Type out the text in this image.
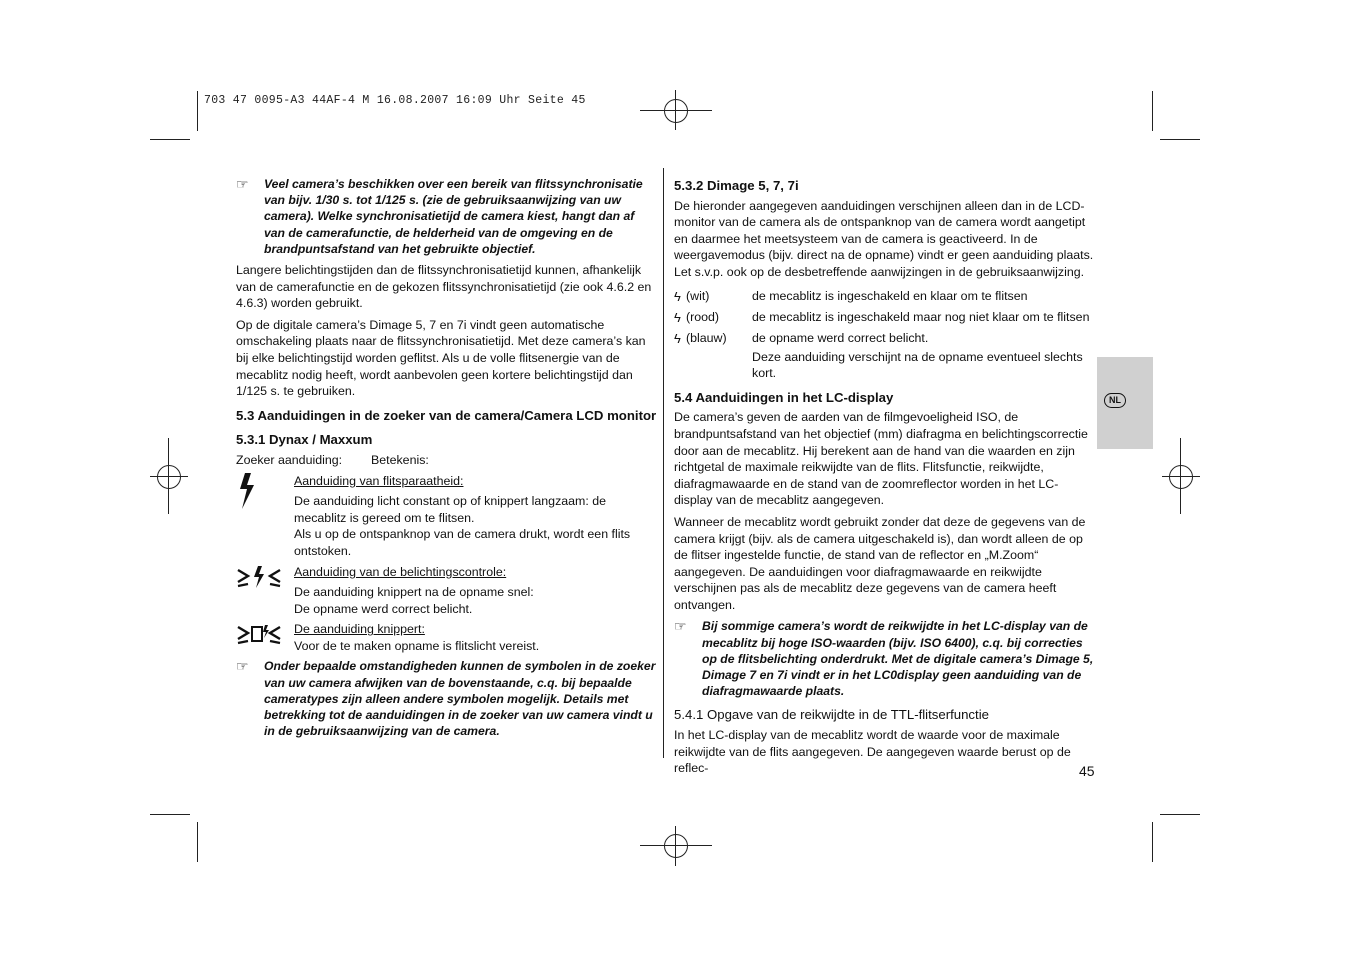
703 47 0095-A3 44AF-4 M 16.08.2007 16:09 Uhr Seite 45
NL
☞	Veel camera’s beschikken over een bereik van flitssynchronisatie van bijv. 1/30 s. tot 1/125 s. (zie de gebruiksaanwijzing van uw camera). Welke synchronisatietijd de camera kiest, hangt dan af van de camerafunctie, de helderheid van de omgeving en de brandpuntsafstand van het gebruikte objectief.

Langere belichtingstijden dan de flitssynchronisatietijd kunnen, afhankelijk van de camerafunctie en de gekozen flitssynchronisatietijd (zie ook 4.6.2 en 4.6.3) worden gebruikt.

Op de digitale camera’s Dimage 5, 7 en 7i vindt geen automatische omschakeling plaats naar de flitssynchronisatietijd. Met deze camera’s kan bij elke belichtingstijd worden geflitst. Als u de volle flitsenergie van de mecablitz nodig heeft, wordt aanbevolen geen kortere belichtingstijd dan 1/125 s. te gebruiken.

5.3 Aanduidingen in de zoeker van de camera/Camera LCD monitor
5.3.1 Dynax / Maxxum
Zoeker aanduiding:	Betekenis:
Aanduiding van flitsparaatheid:
De aanduiding licht constant op of knippert langzaam: de mecablitz is gereed om te flitsen.
Als u op de ontspanknop van de camera drukt, wordt een flits ontstoken.
Aanduiding van de belichtingscontrole:
De aanduiding knippert na de opname snel:
De opname werd correct belicht.
De aanduiding knippert:
Voor de te maken opname is flitslicht vereist.
☞	Onder bepaalde omstandigheden kunnen de symbolen in de zoeker van uw camera afwijken van de bovenstaande, c.q. bij bepaalde cameratypes zijn alleen andere symbolen mogelijk. Details met betrekking tot de aanduidingen in de zoeker van uw camera vindt u in de gebruiksaanwijzing van de camera.
5.3.2 Dimage 5, 7, 7i

De hieronder aangegeven aanduidingen verschijnen alleen dan in de LCD-monitor van de camera als de ontspanknop van de camera wordt aangetipt en daarmee het meetsysteem van de camera is geactiveerd. In de weergavemodus (bijv. direct na de opname) vindt er geen aanduiding plaats. Let s.v.p. ook op de desbetreffende aanwijzingen in de gebruiksaanwijzing.

ϟ (wit)	de mecablitz is ingeschakeld en klaar om te flitsen
ϟ (rood)	de mecablitz is ingeschakeld maar nog niet klaar om te flitsen
ϟ (blauw)	de opname werd correct belicht.
Deze aanduiding verschijnt na de opname eventueel slechts kort.
5.4 Aanduidingen in het LC-display

De camera’s geven de aarden van de filmgevoeligheid ISO, de brandpuntsafstand van het objectief (mm) diafragma en belichtingscorrectie door aan de mecablitz. Hij berekent aan de hand van die waarden en zijn richtgetal de maximale reikwijdte van de flits. Flitsfunctie, reikwijdte, diafragmawaarde en de stand van de zoomreflector worden in het LC-display van de mecablitz aangegeven.

Wanneer de mecablitz wordt gebruikt zonder dat deze de gegevens van de camera krijgt (bijv. als de camera uitgeschakeld is), dan wordt alleen de op de flitser ingestelde functie, de stand van de reflector en „M.Zoom“ aangegeven. De aanduidingen voor diafragmawaarde en reikwijdte verschijnen pas als de mecablitz deze gegevens van de camera heeft ontvangen.

☞	Bij sommige camera’s wordt de reikwijdte in het LC-display van de mecablitz bij hoge ISO-waarden (bijv. ISO 6400), c.q. bij correcties op de flitsbelichting onderdrukt. Met de digitale camera’s Dimage 5, Dimage 7 en 7i vindt er in het LC0display geen aanduiding van de diafragmawaarde plaats.
5.4.1 Opgave van de reikwijdte in de TTL-flitserfunctie

In het LC-display van de mecablitz wordt de waarde voor de maximale reikwijdte van de flits aangegeven. De aangegeven waarde berust op de reflec-	45
